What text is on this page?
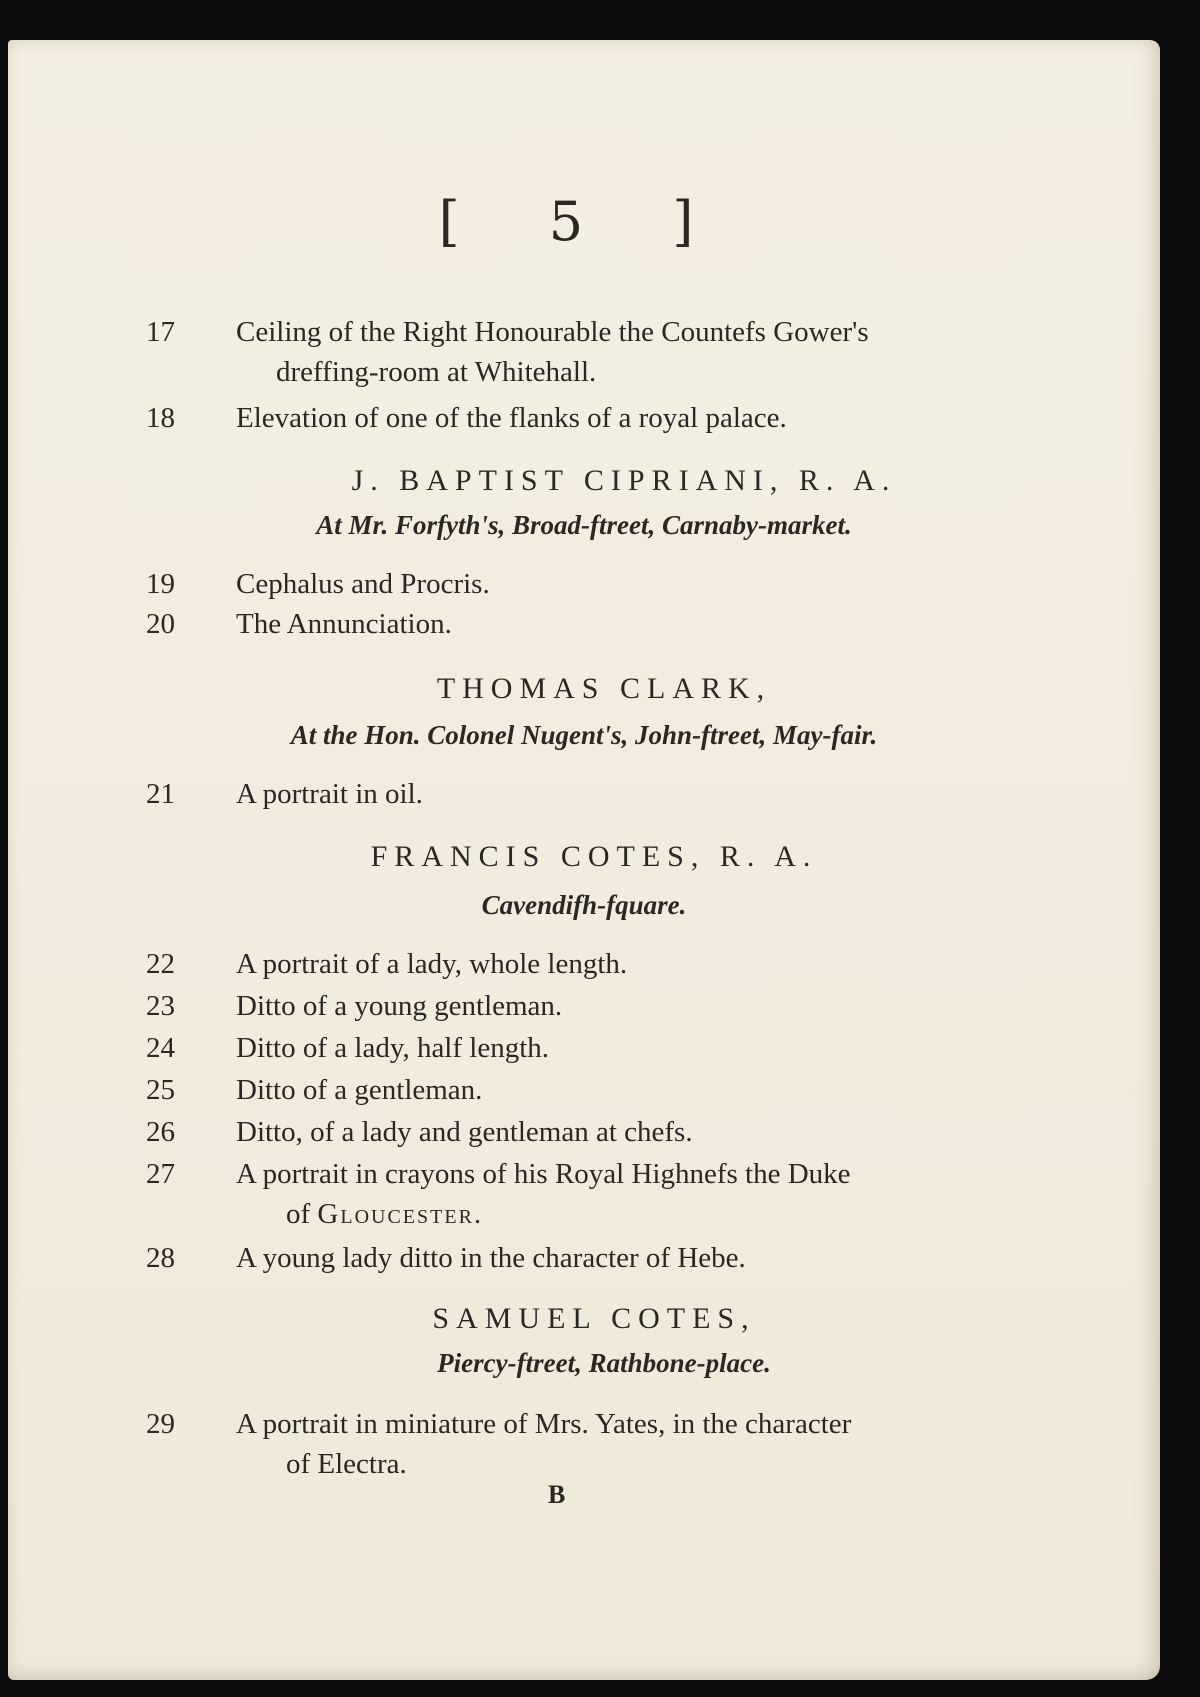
[ 5 ]
17	Ceiling of the Right Honourable the Countefs Gower's
dreffing-room at Whitehall.
18	Elevation of one of the flanks of a royal palace.
J. BAPTIST CIPRIANI, R. A.
At Mr. Forfyth's, Broad-ftreet, Carnaby-market.
19	Cephalus and Procris.
20	The Annunciation.
THOMAS CLARK,
At the Hon. Colonel Nugent's, John-ftreet, May-fair.
21	A portrait in oil.
FRANCIS COTES, R. A.
Cavendifh-fquare.
22	A portrait of a lady, whole length.
23	Ditto of a young gentleman.
24	Ditto of a lady, half length.
25	Ditto of a gentleman.
26	Ditto, of a lady and gentleman at chefs.
27	A portrait in crayons of his Royal Highnefs the Duke
of Gloucester.
28	A young lady ditto in the character of Hebe.
SAMUEL COTES,
Piercy-ftreet, Rathbone-place.
29	A portrait in miniature of Mrs. Yates, in the character
of Electra.
B
